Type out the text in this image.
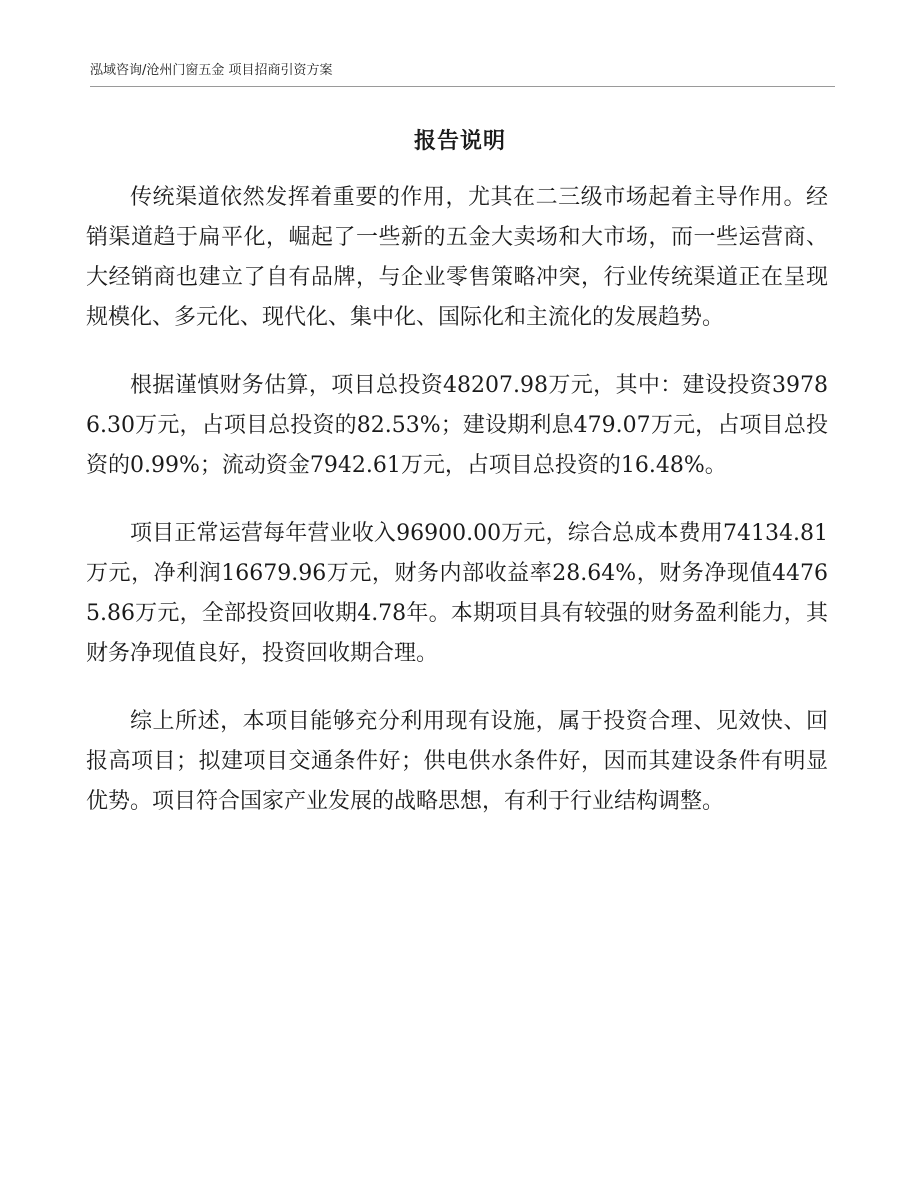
泓域咨询/沧州门窗五金 项目招商引资方案
报告说明

传统渠道依然发挥着重要的作用，尤其在二三级市场起着主导作用。经销渠道趋于扁平化，崛起了一些新的五金大卖场和大市场，而一些运营商、大经销商也建立了自有品牌，与企业零售策略冲突，行业传统渠道正在呈现规模化、多元化、现代化、集中化、国际化和主流化的发展趋势。

根据谨慎财务估算，项目总投资48207.98万元，其中：建设投资39786.30万元，占项目总投资的82.53%；建设期利息479.07万元，占项目总投资的0.99%；流动资金7942.61万元，占项目总投资的16.48%。

项目正常运营每年营业收入96900.00万元，综合总成本费用74134.81万元，净利润16679.96万元，财务内部收益率28.64%，财务净现值44765.86万元，全部投资回收期4.78年。本期项目具有较强的财务盈利能力，其财务净现值良好，投资回收期合理。

综上所述，本项目能够充分利用现有设施，属于投资合理、见效快、回报高项目；拟建项目交通条件好；供电供水条件好，因而其建设条件有明显优势。项目符合国家产业发展的战略思想，有利于行业结构调整。
